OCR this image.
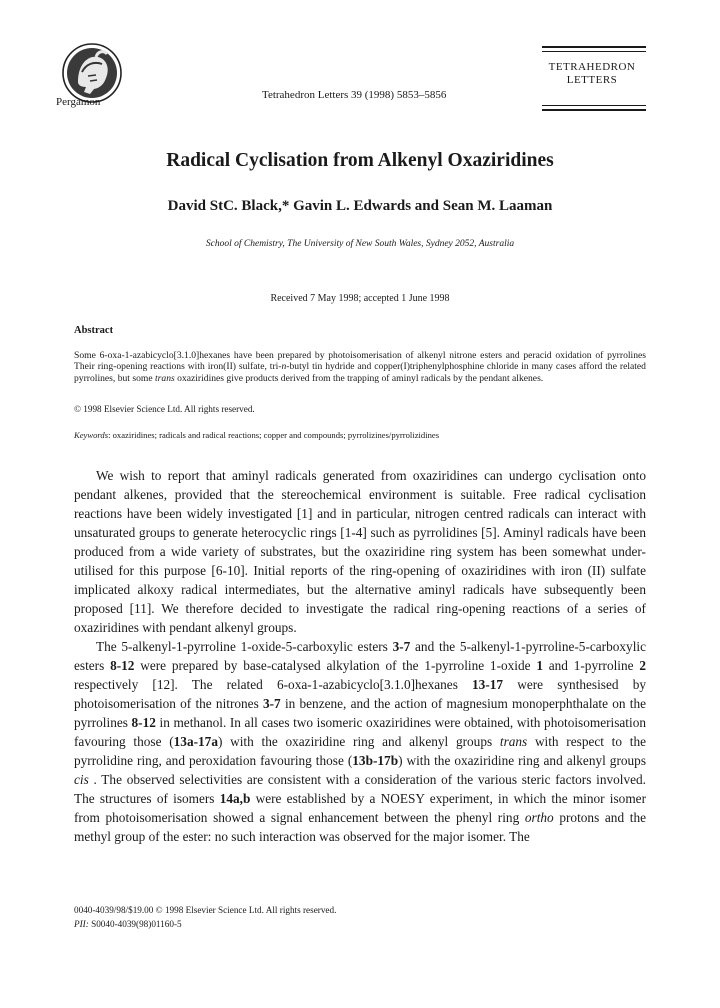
Pergamon
Tetrahedron Letters 39 (1998) 5853–5856
TETRAHEDRON
LETTERS
Radical Cyclisation from Alkenyl Oxaziridines
David StC. Black,* Gavin L. Edwards and Sean M. Laaman
School of Chemistry, The University of New South Wales, Sydney 2052, Australia
Received 7 May 1998; accepted 1 June 1998
Abstract
Some 6-oxa-1-azabicyclo[3.1.0]hexanes have been prepared by photoisomerisation of alkenyl nitrone esters and peracid oxidation of pyrrolines Their ring-opening reactions with iron(II) sulfate, tri-n-butyl tin hydride and copper(I)triphenylphosphine chloride in many cases afford the related pyrrolines, but some trans oxaziridines give products derived from the trapping of aminyl radicals by the pendant alkenes.
© 1998 Elsevier Science Ltd. All rights reserved.
Keywords: oxaziridines; radicals and radical reactions; copper and compounds; pyrrolizines/pyrrolizidines

We wish to report that aminyl radicals generated from oxaziridines can undergo cyclisation onto pendant alkenes, provided that the stereochemical environment is suitable. Free radical cyclisation reactions have been widely investigated [1] and in particular, nitrogen centred radicals can interact with unsaturated groups to generate heterocyclic rings [1-4] such as pyrrolidines [5]. Aminyl radicals have been produced from a wide variety of substrates, but the oxaziridine ring system has been somewhat under-utilised for this purpose [6-10]. Initial reports of the ring-opening of oxaziridines with iron (II) sulfate implicated alkoxy radical intermediates, but the alternative aminyl radicals have subsequently been proposed [11]. We therefore decided to investigate the radical ring-opening reactions of a series of oxaziridines with pendant alkenyl groups.

The 5-alkenyl-1-pyrroline 1-oxide-5-carboxylic esters 3-7 and the 5-alkenyl-1-pyrroline-5-carboxylic esters 8-12 were prepared by base-catalysed alkylation of the 1-pyrroline 1-oxide 1 and 1-pyrroline 2 respectively [12]. The related 6-oxa-1-azabicyclo[3.1.0]hexanes 13-17 were synthesised by photoisomerisation of the nitrones 3-7 in benzene, and the action of magnesium monoperphthalate on the pyrrolines 8-12 in methanol. In all cases two isomeric oxaziridines were obtained, with photoisomerisation favouring those (13a-17a) with the oxaziridine ring and alkenyl groups trans with respect to the pyrrolidine ring, and peroxidation favouring those (13b-17b) with the oxaziridine ring and alkenyl groups cis . The observed selectivities are consistent with a consideration of the various steric factors involved. The structures of isomers 14a,b were established by a NOESY experiment, in which the minor isomer from photoisomerisation showed a signal enhancement between the phenyl ring ortho protons and the methyl group of the ester: no such interaction was observed for the major isomer. The

0040-4039/98/$19.00 © 1998 Elsevier Science Ltd. All rights reserved.
PII: S0040-4039(98)01160-5
